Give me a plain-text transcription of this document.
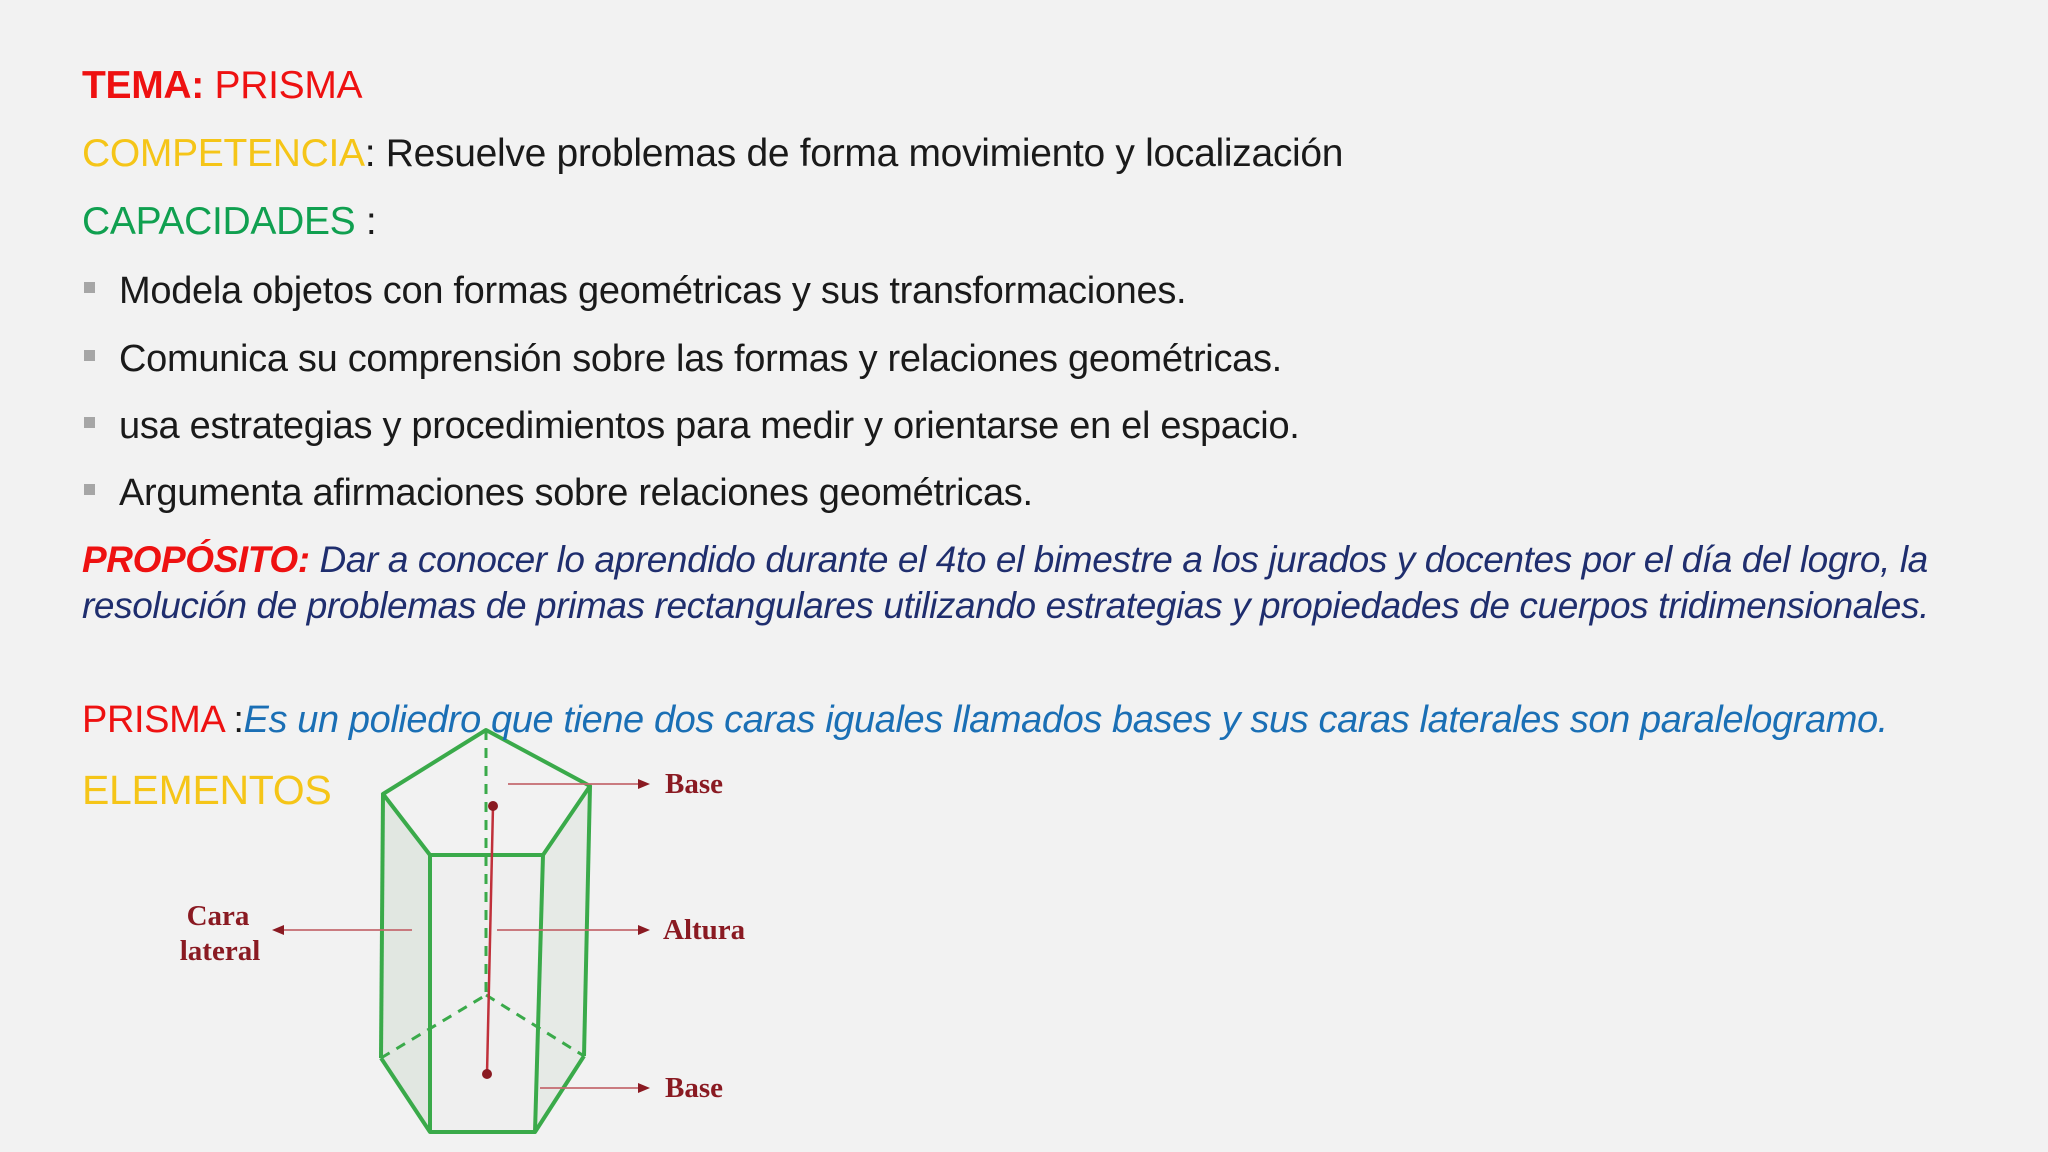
TEMA: PRISMA
COMPETENCIA: Resuelve problemas de forma movimiento y localización
CAPACIDADES :
Modela objetos con formas geométricas y sus transformaciones.
Comunica su comprensión sobre las formas y relaciones geométricas.
usa estrategias y procedimientos para medir y orientarse en el espacio.
Argumenta afirmaciones sobre relaciones geométricas.
PROPÓSITO: Dar a conocer lo aprendido durante el 4to el bimestre a los jurados y docentes por el día del logro, la resolución de problemas de primas rectangulares utilizando estrategias y propiedades de cuerpos tridimensionales.
Base
Altura
Base
Cara
lateral
PRISMA :Es un poliedro que tiene dos caras iguales llamados bases y sus caras laterales son paralelogramo.
ELEMENTOS
